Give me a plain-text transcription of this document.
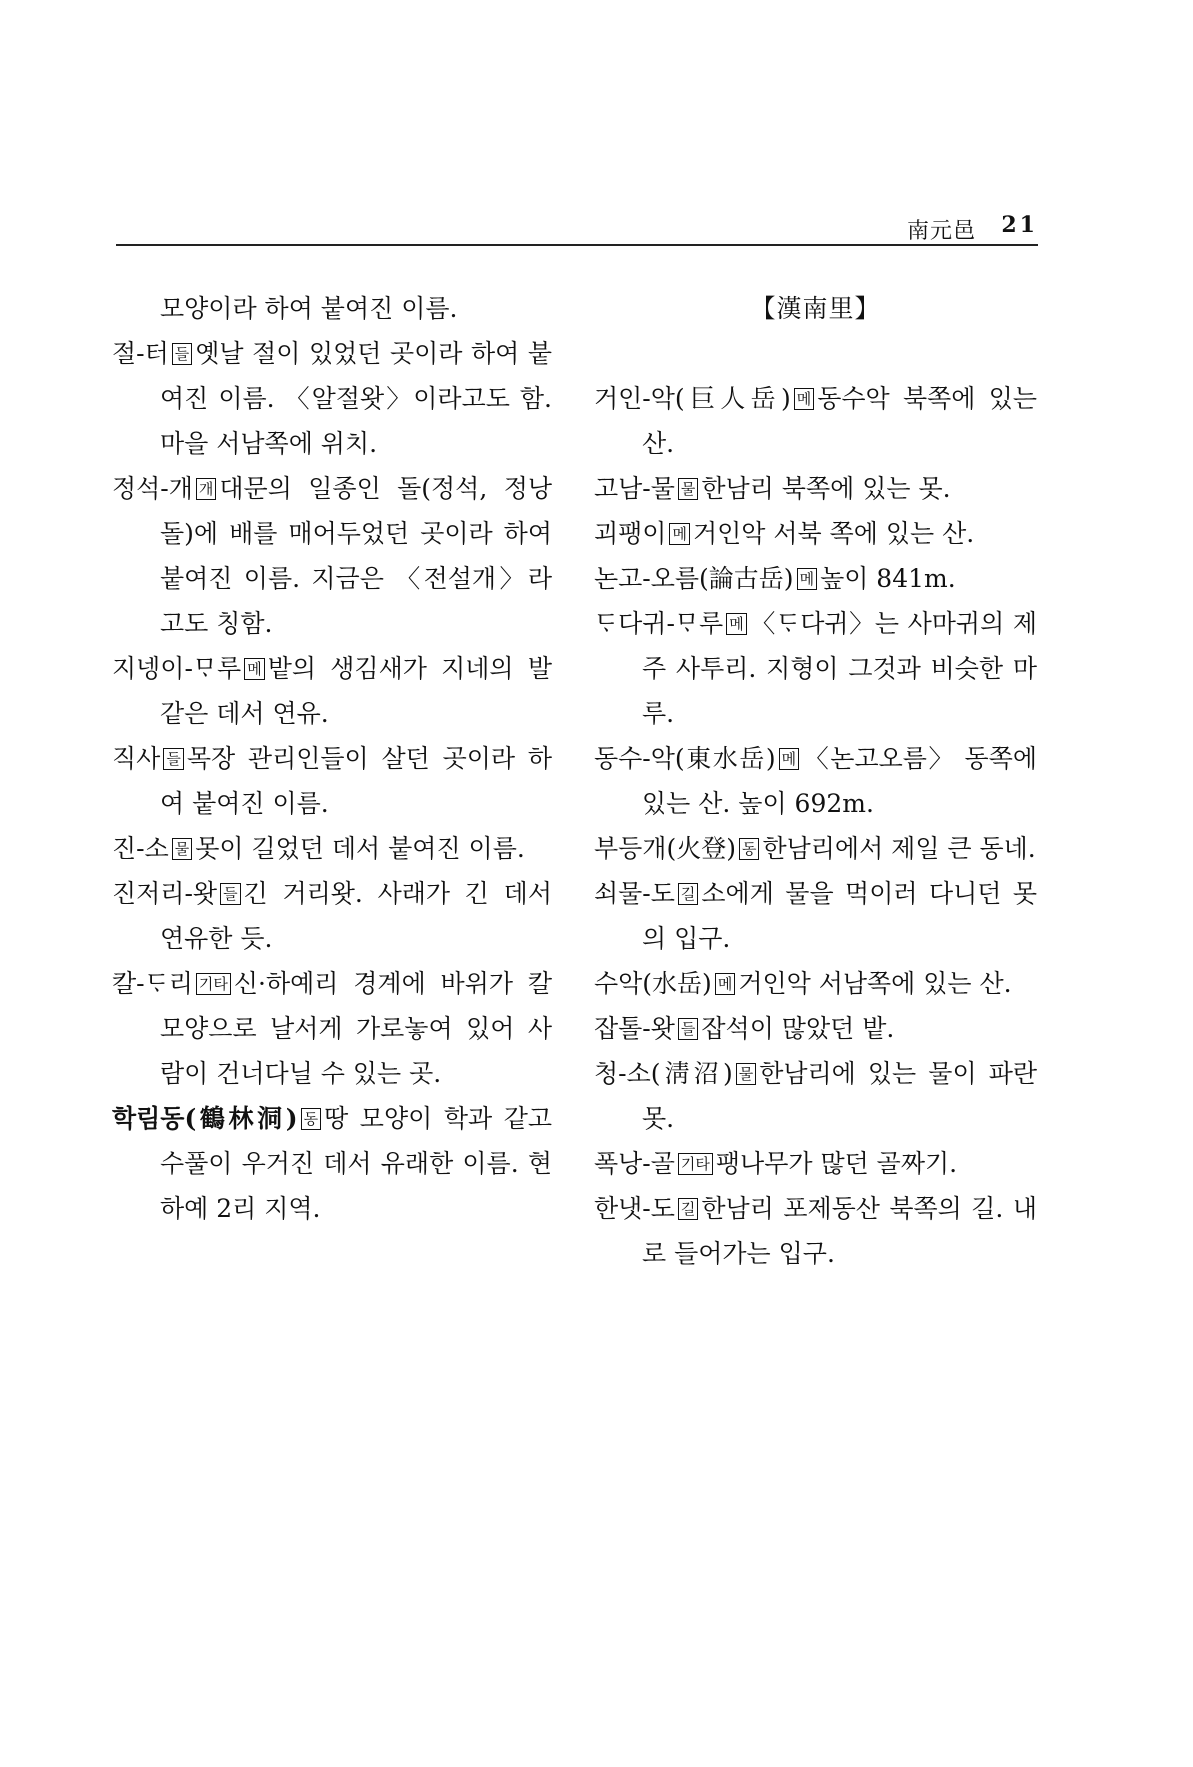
南元邑 21

모양이라 하여 붙여진 이름.

절-터 들 옛날 절이 있었던 곳이라 하여 붙여진 이름. 〈알절왓〉이라고도 함. 마을 서남쪽에 위치.

정석-개 개 대문의 일종인 돌(정석, 정낭돌)에 배를 매어두었던 곳이라 하여 붙여진 이름. 지금은 〈전설개〉라고도 칭함.

지넹이-ᄆᆞ루 메 밭의 생김새가 지네의 발 같은 데서 연유.

직사 들 목장 관리인들이 살던 곳이라 하여 붙여진 이름.

진-소 물 못이 길었던 데서 붙여진 이름.

진저리-왓 들 긴 거리왓. 사래가 긴 데서 연유한 듯.

칼-ᄃᆞ리 기타 신·하예리 경계에 바위가 칼 모양으로 날서게 가로놓여 있어 사람이 건너다닐 수 있는 곳.

학림동(鶴林洞) 동 땅 모양이 학과 같고 수풀이 우거진 데서 유래한 이름. 현 하예 2리 지역.

【漢南里】

거인-악(巨人岳) 메 동수악 북쪽에 있는 산.

고남-물 물 한남리 북쪽에 있는 못.

괴팽이 메 거인악 서북 쪽에 있는 산.

논고-오름(論古岳) 메 높이 841m.

ᄃᆞ다귀-ᄆᆞ루 메 〈ᄃᆞ다귀〉는 사마귀의 제주 사투리. 지형이 그것과 비슷한 마루.

동수-악(東水岳) 메 〈논고오름〉 동쪽에 있는 산. 높이 692m.

부등개(火登) 동 한남리에서 제일 큰 동네.

쇠물-도 길 소에게 물을 먹이러 다니던 못의 입구.

수악(水岳) 메 거인악 서남쪽에 있는 산.

잡톨-왓 들 잡석이 많았던 밭.

청-소(淸沼) 물 한남리에 있는 물이 파란 못.

폭낭-골 기타 팽나무가 많던 골짜기.

한냇-도 길 한남리 포제동산 북쪽의 길. 내로 들어가는 입구.
